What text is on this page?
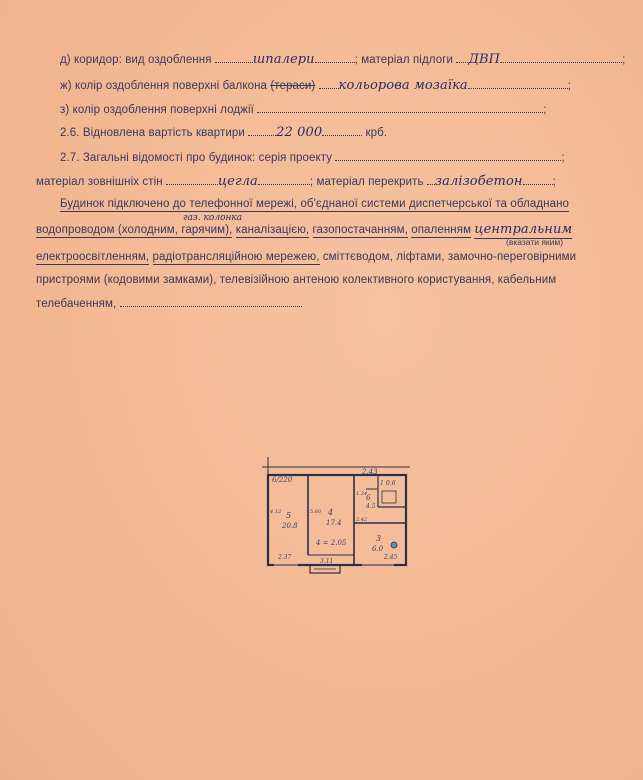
д) коридор: вид оздоблення	шпалери	; матеріал підлоги ДВП	;
ж) колір оздоблення поверхні балкона (тераси) кольорова мозаїка	;
з) колір оздоблення поверхні лоджії	;
2.6. Відновлена вартість квартири 22 000	крб.
2.7. Загальні відомості про будинок: серія проекту	;
матеріал зовнішніх стін	цегла	; матеріал перекрить залізобетон	;
Будинок підключено до телефонної мережі, об'єднаної системи диспетчерської та обладнано
газ. колонка
водопроводом (холодним, гарячим), каналізацією, газопостачанням, опаленням центральним
(вказати яким)
електроосвітленням, радіотрансляційною мережею, сміттєводом, ліфтами, замочно-переговірними
пристроями (кодовими замками), телевізійною антеною колективного користування, кабельним
телебаченням,
6/220
2.43
5
20.8
4
17.4
6
4.5
1 0.6
3
6.0
4 = 2.05
2.37
3.11
2.45
4.12	5.60
2.42
1.34
